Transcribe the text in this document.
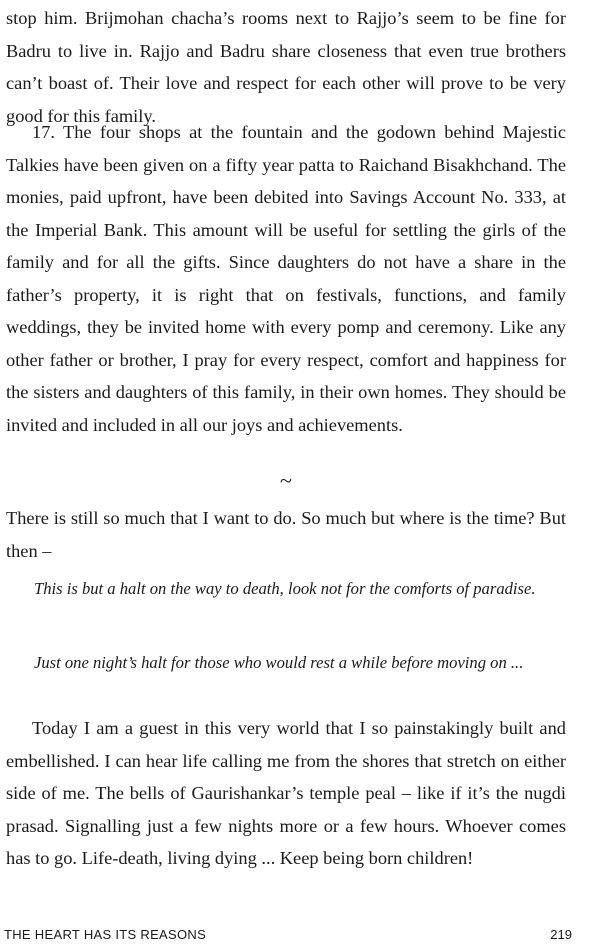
stop him. Brijmohan chacha’s rooms next to Rajjo’s seem to be fine for Badru to live in. Rajjo and Badru share closeness that even true brothers can’t boast of. Their love and respect for each other will prove to be very good for this family.

17. The four shops at the fountain and the godown behind Majestic Talkies have been given on a fifty year patta to Raichand Bisakhchand. The monies, paid upfront, have been debited into Savings Account No. 333, at the Imperial Bank. This amount will be useful for settling the girls of the family and for all the gifts. Since daughters do not have a share in the father’s property, it is right that on festivals, functions, and family weddings, they be invited home with every pomp and ceremony. Like any other father or brother, I pray for every respect, comfort and happiness for the sisters and daughters of this family, in their own homes. They should be invited and included in all our joys and achievements.

~

There is still so much that I want to do. So much but where is the time? But then –

This is but a halt on the way to death, look not for the comforts of paradise.

Just one night’s halt for those who would rest a while before moving on ...

Today I am a guest in this very world that I so painstakingly built and embellished. I can hear life calling me from the shores that stretch on either side of me. The bells of Gaurishankar’s temple peal – like if it’s the nugdi prasad. Signalling just a few nights more or a few hours. Whoever comes has to go. Life-death, living dying ... Keep being born children!

THE HEART HAS ITS REASONS	219
